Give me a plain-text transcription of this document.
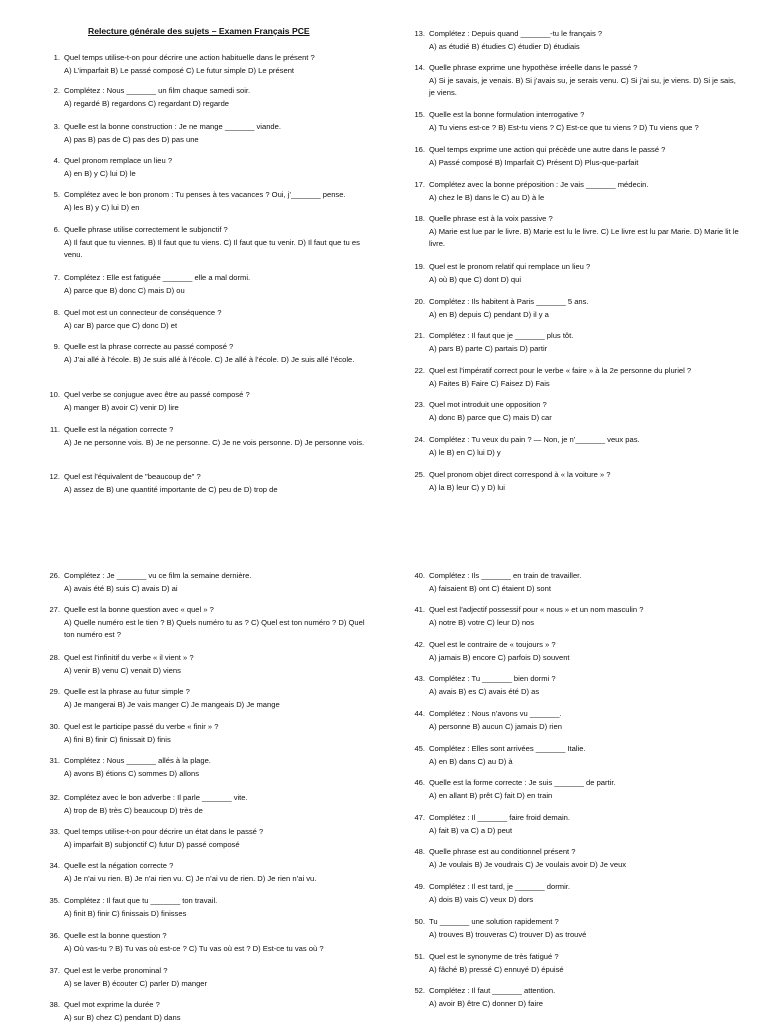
Relecture générale des sujets – Examen Français PCE
1. Quel temps utilise-t-on pour décrire une action habituelle dans le présent ?
A) L’imparfait B) Le passé composé C) Le futur simple D) Le présent
2. Complétez : Nous _______ un film chaque samedi soir.
A) regardé B) regardons C) regardant D) regarde
3. Quelle est la bonne construction : Je ne mange _______ viande.
A) pas B) pas de C) pas des D) pas une
4. Quel pronom remplace un lieu ?
A) en B) y C) lui D) le
5. Complétez avec le bon pronom : Tu penses à tes vacances ? Oui, j’_______ pense.
A) les B) y C) lui D) en
6. Quelle phrase utilise correctement le subjonctif ?
A) Il faut que tu viennes. B) Il faut que tu viens. C) Il faut que tu venir. D) Il faut que tu es venu.
7. Complétez : Elle est fatiguée _______ elle a mal dormi.
A) parce que B) donc C) mais D) ou
8. Quel mot est un connecteur de conséquence ?
A) car B) parce que C) donc D) et
9. Quelle est la phrase correcte au passé composé ?
A) J’ai allé à l’école. B) Je suis allé à l’école. C) Je allé à l’école. D) Je suis allé l’école.
10. Quel verbe se conjugue avec être au passé composé ?
A) manger B) avoir C) venir D) lire
11. Quelle est la négation correcte ?
A) Je ne personne vois. B) Je ne personne. C) Je ne vois personne. D) Je personne vois.
12. Quel est l’équivalent de "beaucoup de" ?
A) assez de B) une quantité importante de C) peu de D) trop de
13. Complétez : Depuis quand _______-tu le français ?
A) as étudié B) étudies C) étudier D) étudiais
14. Quelle phrase exprime une hypothèse irréelle dans le passé ?
A) Si je savais, je venais. B) Si j’avais su, je serais venu. C) Si j’ai su, je viens. D) Si je sais, je viens.
15. Quelle est la bonne formulation interrogative ?
A) Tu viens est-ce ? B) Est-tu viens ? C) Est-ce que tu viens ? D) Tu viens que ?
16. Quel temps exprime une action qui précède une autre dans le passé ?
A) Passé composé B) Imparfait C) Présent D) Plus-que-parfait
17. Complétez avec la bonne préposition : Je vais _______ médecin.
A) chez le B) dans le C) au D) à le
18. Quelle phrase est à la voix passive ?
A) Marie est lue par le livre. B) Marie est lu le livre. C) Le livre est lu par Marie. D) Marie lit le livre.
19. Quel est le pronom relatif qui remplace un lieu ?
A) où B) que C) dont D) qui
20. Complétez : Ils habitent à Paris _______ 5 ans.
A) en B) depuis C) pendant D) il y a
21. Complétez : Il faut que je _______ plus tôt.
A) pars B) parte C) partais D) partir
22. Quel est l’impératif correct pour le verbe « faire » à la 2e personne du pluriel ?
A) Faites B) Faire C) Faisez D) Fais
23. Quel mot introduit une opposition ?
A) donc B) parce que C) mais D) car
24. Complétez : Tu veux du pain ? — Non, je n’_______ veux pas.
A) le B) en C) lui D) y
25. Quel pronom objet direct correspond à « la voiture » ?
A) la B) leur C) y D) lui
26. Complétez : Je _______ vu ce film la semaine dernière.
A) avais été B) suis C) avais D) ai
27. Quelle est la bonne question avec « quel » ?
A) Quelle numéro est le tien ? B) Quels numéro tu as ? C) Quel est ton numéro ? D) Quel ton numéro est ?
28. Quel est l’infinitif du verbe « il vient » ?
A) venir B) venu C) venait D) viens
29. Quelle est la phrase au futur simple ?
A) Je mangerai B) Je vais manger C) Je mangeais D) Je mange
30. Quel est le participe passé du verbe « finir » ?
A) fini B) finir C) finissait D) finis
31. Complétez : Nous _______ allés à la plage.
A) avons B) étions C) sommes D) allons
32. Complétez avec le bon adverbe : Il parle _______ vite.
A) trop de B) très C) beaucoup D) très de
33. Quel temps utilise-t-on pour décrire un état dans le passé ?
A) imparfait B) subjonctif C) futur D) passé composé
34. Quelle est la négation correcte ?
A) Je n’ai vu rien. B) Je n’ai rien vu. C) Je n’ai vu de rien. D) Je rien n’ai vu.
35. Complétez : Il faut que tu _______ ton travail.
A) finit B) finir C) finissais D) finisses
36. Quelle est la bonne question ?
A) Où vas-tu ? B) Tu vas où est-ce ? C) Tu vas où est ? D) Est-ce tu vas où ?
37. Quel est le verbe pronominal ?
A) se laver B) écouter C) parler D) manger
38. Quel mot exprime la durée ?
A) sur B) chez C) pendant D) dans
40. Complétez : Ils _______ en train de travailler.
A) faisaient B) ont C) étaient D) sont
41. Quel est l’adjectif possessif pour « nous » et un nom masculin ?
A) notre B) votre C) leur D) nos
42. Quel est le contraire de « toujours » ?
A) jamais B) encore C) parfois D) souvent
43. Complétez : Tu _______ bien dormi ?
A) avais B) es C) avais été D) as
44. Complétez : Nous n’avons vu _______.
A) personne B) aucun C) jamais D) rien
45. Complétez : Elles sont arrivées _______ Italie.
A) en B) dans C) au D) à
46. Quelle est la forme correcte : Je suis _______ de partir.
A) en allant B) prêt C) fait D) en train
47. Complétez : Il _______ faire froid demain.
A) fait B) va C) a D) peut
48. Quelle phrase est au conditionnel présent ?
A) Je voulais B) Je voudrais C) Je voulais avoir D) Je veux
49. Complétez : Il est tard, je _______ dormir.
A) dois B) vais C) veux D) dors
50. Tu _______ une solution rapidement ?
A) trouves B) trouveras C) trouver D) as trouvé
51. Quel est le synonyme de très fatigué ?
A) fâché B) pressé C) ennuyé D) épuisé
52. Complétez : Il faut _______ attention.
A) avoir B) être C) donner D) faire
